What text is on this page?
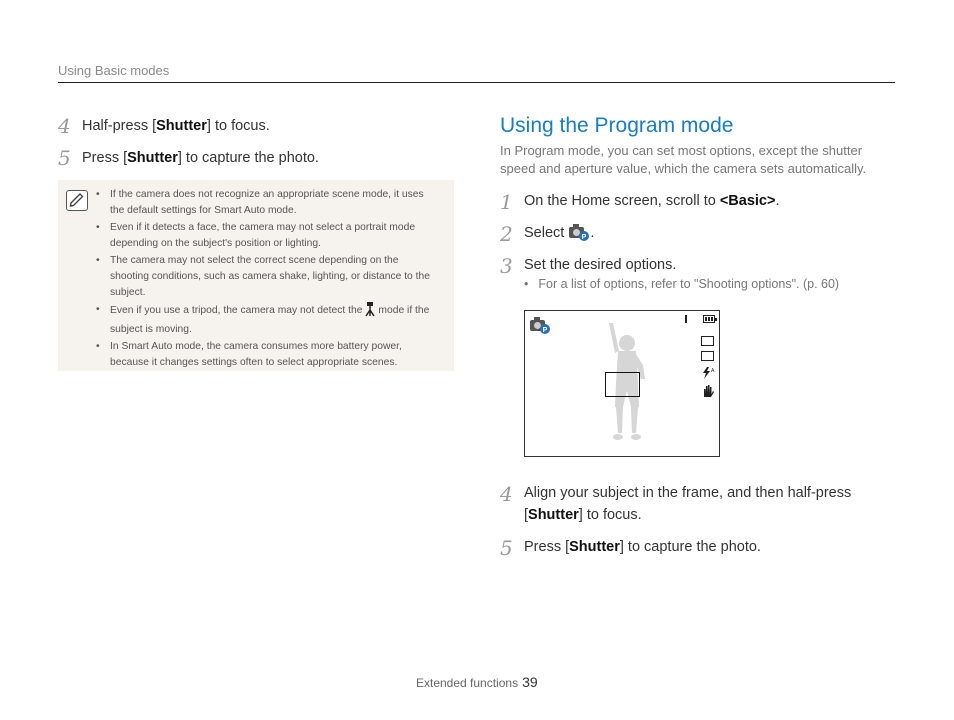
Using Basic modes
4 Half-press [Shutter] to focus.
5 Press [Shutter] to capture the photo.
• If the camera does not recognize an appropriate scene mode, it uses the default settings for Smart Auto mode.
• Even if it detects a face, the camera may not select a portrait mode depending on the subject's position or lighting.
• The camera may not select the correct scene depending on the shooting conditions, such as camera shake, lighting, or distance to the subject.
• Even if you use a tripod, the camera may not detect the mode if the subject is moving.
• In Smart Auto mode, the camera consumes more battery power, because it changes settings often to select appropriate scenes.
Using the Program mode
In Program mode, you can set most options, except the shutter speed and aperture value, which the camera sets automatically.
1 On the Home screen, scroll to <Basic>.
2 Select	P .
3 Set the desired options.
• For a list of options, refer to "Shooting options". (p. 60)
P
A
4 Align your subject in the frame, and then half-press
[Shutter] to focus.
5 Press [Shutter] to capture the photo.
Extended functions 39
